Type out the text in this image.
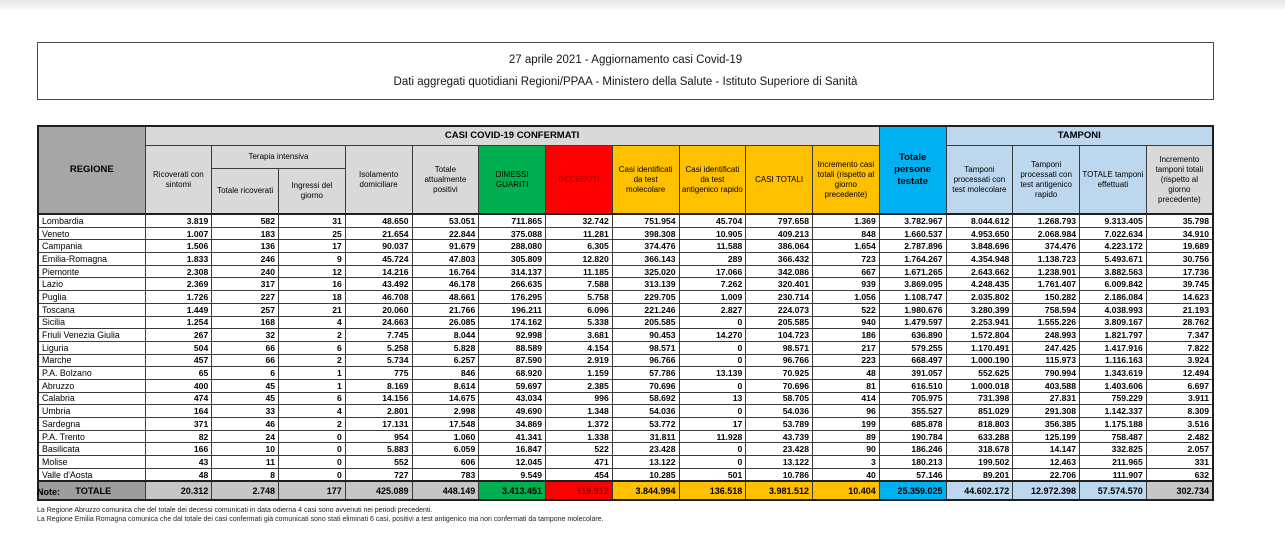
27 aprile 2021 - Aggiornamento casi Covid-19
Dati aggregati quotidiani Regioni/PPAA - Ministero della Salute - Istituto Superiore di Sanità
REGIONE	CASI COVID-19 CONFERMATI											Totale persone testate	TAMPONI			
	Ricoverati con sintomi	Terapia intensiva		Isolamento domiciliare	Totale attualmente positivi	DIMESSI GUARITI	DECEDUTI	Casi identificati da test molecolare	Casi identificati da test antigenico rapido	CASI TOTALI	Incremento casi totali (rispetto al giorno precedente)		Tamponi processati con test molecolare	Tamponi processati con test antigenico rapido	TOTALE tamponi effettuati	Incremento tamponi totali (rispetto al giorno precedente)
		Totale ricoverati	Ingressi del giorno													
Lombardia	3.819	582	31	48.650	53.051	711.865	32.742	751.954	45.704	797.658	1.369	3.782.967	8.044.612	1.268.793	9.313.405	35.798
Veneto	1.007	183	25	21.654	22.844	375.088	11.281	398.308	10.905	409.213	848	1.660.537	4.953.650	2.068.984	7.022.634	34.910
Campania	1.506	136	17	90.037	91.679	288.080	6.305	374.476	11.588	386.064	1.654	2.787.896	3.848.696	374.476	4.223.172	19.689
Emilia-Romagna	1.833	246	9	45.724	47.803	305.809	12.820	366.143	289	366.432	723	1.764.267	4.354.948	1.138.723	5.493.671	30.756
Piemonte	2.308	240	12	14.216	16.764	314.137	11.185	325.020	17.066	342.086	667	1.671.265	2.643.662	1.238.901	3.882.563	17.736
Lazio	2.369	317	16	43.492	46.178	266.635	7.588	313.139	7.262	320.401	939	3.869.095	4.248.435	1.761.407	6.009.842	39.745
Puglia	1.726	227	18	46.708	48.661	176.295	5.758	229.705	1.009	230.714	1.056	1.108.747	2.035.802	150.282	2.186.084	14.623
Toscana	1.449	257	21	20.060	21.766	196.211	6.096	221.246	2.827	224.073	522	1.980.676	3.280.399	758.594	4.038.993	21.193
Sicilia	1.254	168	4	24.663	26.085	174.162	5.338	205.585	0	205.585	940	1.479.597	2.253.941	1.555.226	3.809.167	28.762
Friuli Venezia Giulia	267	32	2	7.745	8.044	92.998	3.681	90.453	14.270	104.723	186	636.890	1.572.804	248.993	1.821.797	7.347
Liguria	504	66	6	5.258	5.828	88.589	4.154	98.571	0	98.571	217	579.255	1.170.491	247.425	1.417.916	7.822
Marche	457	66	2	5.734	6.257	87.590	2.919	96.766	0	96.766	223	668.497	1.000.190	115.973	1.116.163	3.924
P.A. Bolzano	65	6	1	775	846	68.920	1.159	57.786	13.139	70.925	48	391.057	552.625	790.994	1.343.619	12.494
Abruzzo	400	45	1	8.169	8.614	59.697	2.385	70.696	0	70.696	81	616.510	1.000.018	403.588	1.403.606	6.697
Calabria	474	45	6	14.156	14.675	43.034	996	58.692	13	58.705	414	705.975	731.398	27.831	759.229	3.911
Umbria	164	33	4	2.801	2.998	49.690	1.348	54.036	0	54.036	96	355.527	851.029	291.308	1.142.337	8.309
Sardegna	371	46	2	17.131	17.548	34.869	1.372	53.772	17	53.789	199	685.878	818.803	356.385	1.175.188	3.516
P.A. Trento	82	24	0	954	1.060	41.341	1.338	31.811	11.928	43.739	89	190.784	633.288	125.199	758.487	2.482
Basilicata	166	10	0	5.883	6.059	16.847	522	23.428	0	23.428	90	186.246	318.678	14.147	332.825	2.057
Molise	43	11	0	552	606	12.045	471	13.122	0	13.122	3	180.213	199.502	12.463	211.965	331
Valle d'Aosta	48	8	0	727	783	9.549	454	10.285	501	10.786	40	57.146	89.201	22.706	111.907	632
TOTALE	20.312	2.748	177	425.089	448.149	3.413.451	119.912	3.844.994	136.518	3.981.512	10.404	25.359.025	44.602.172	12.972.398	57.574.570	302.734
Note:
La Regione Abruzzo comunica che del totale dei decessi comunicati in data odierna 4 casi sono avvenuti nei periodi precedenti.
La Regione Emilia Romagna comunica che dal totale dei casi confermati già comunicati sono stati eliminati 6 casi, positivi a test antigenico ma non confermati da tampone molecolare.
